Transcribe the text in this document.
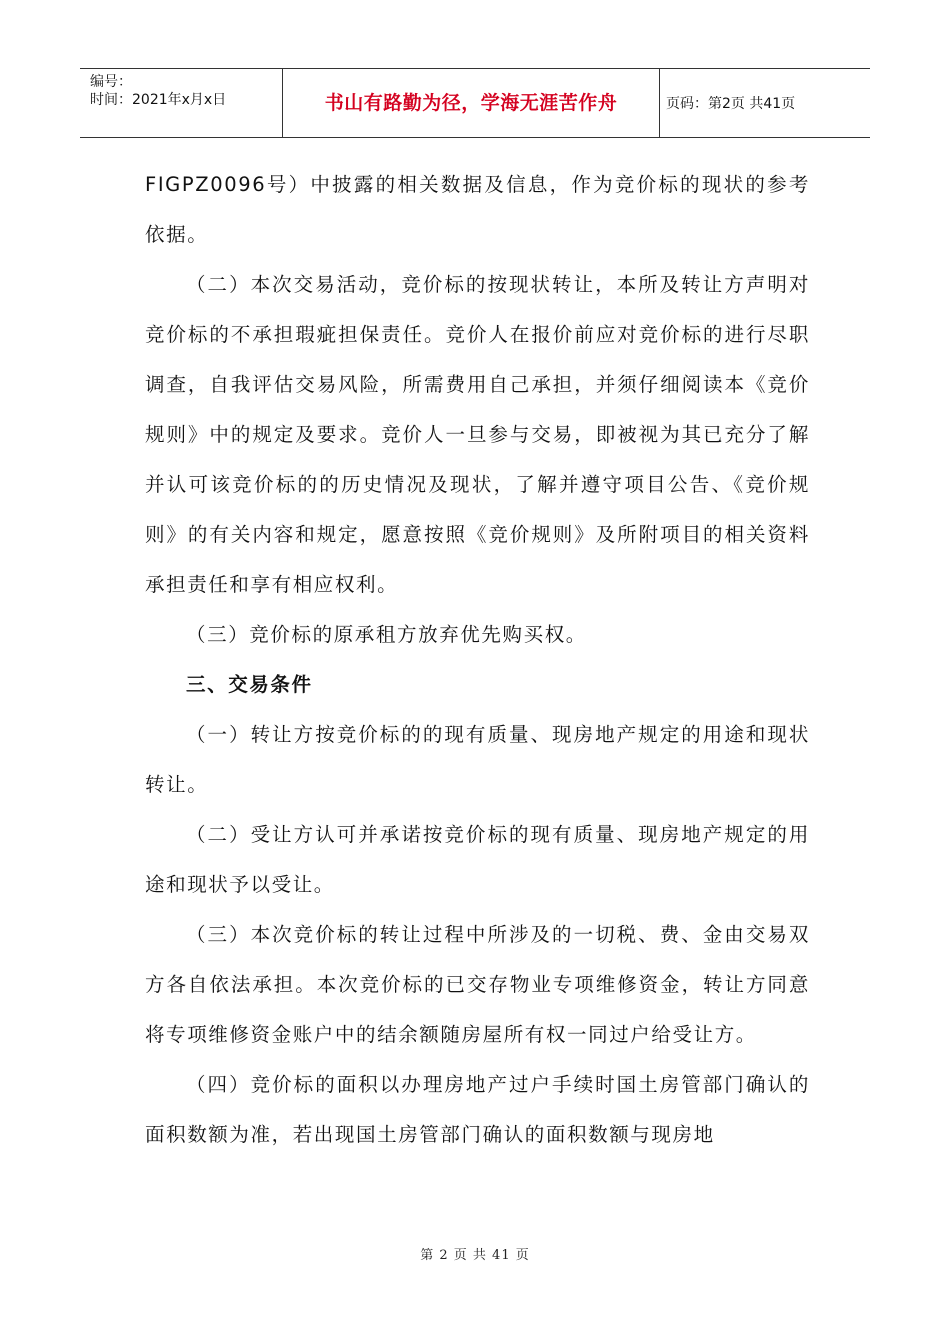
编号：
时间：2021年x月x日	书山有路勤为径，学海无涯苦作舟	页码：第2页 共41页

FIGPZ0096号）中披露的相关数据及信息，作为竞价标的现状的参考依据。

（二）本次交易活动，竞价标的按现状转让，本所及转让方声明对竞价标的不承担瑕疵担保责任。竞价人在报价前应对竞价标的进行尽职调查，自我评估交易风险，所需费用自己承担，并须仔细阅读本《竞价规则》中的规定及要求。竞价人一旦参与交易，即被视为其已充分了解并认可该竞价标的的历史情况及现状，了解并遵守项目公告、《竞价规则》的有关内容和规定，愿意按照《竞价规则》及所附项目的相关资料承担责任和享有相应权利。

（三）竞价标的原承租方放弃优先购买权。

三、交易条件

（一）转让方按竞价标的的现有质量、现房地产规定的用途和现状转让。

（二）受让方认可并承诺按竞价标的现有质量、现房地产规定的用途和现状予以受让。

（三）本次竞价标的转让过程中所涉及的一切税、费、金由交易双方各自依法承担。本次竞价标的已交存物业专项维修资金，转让方同意将专项维修资金账户中的结余额随房屋所有权一同过户给受让方。

（四）竞价标的面积以办理房地产过户手续时国土房管部门确认的面积数额为准，若出现国土房管部门确认的面积数额与现房地

第 2 页 共 41 页
